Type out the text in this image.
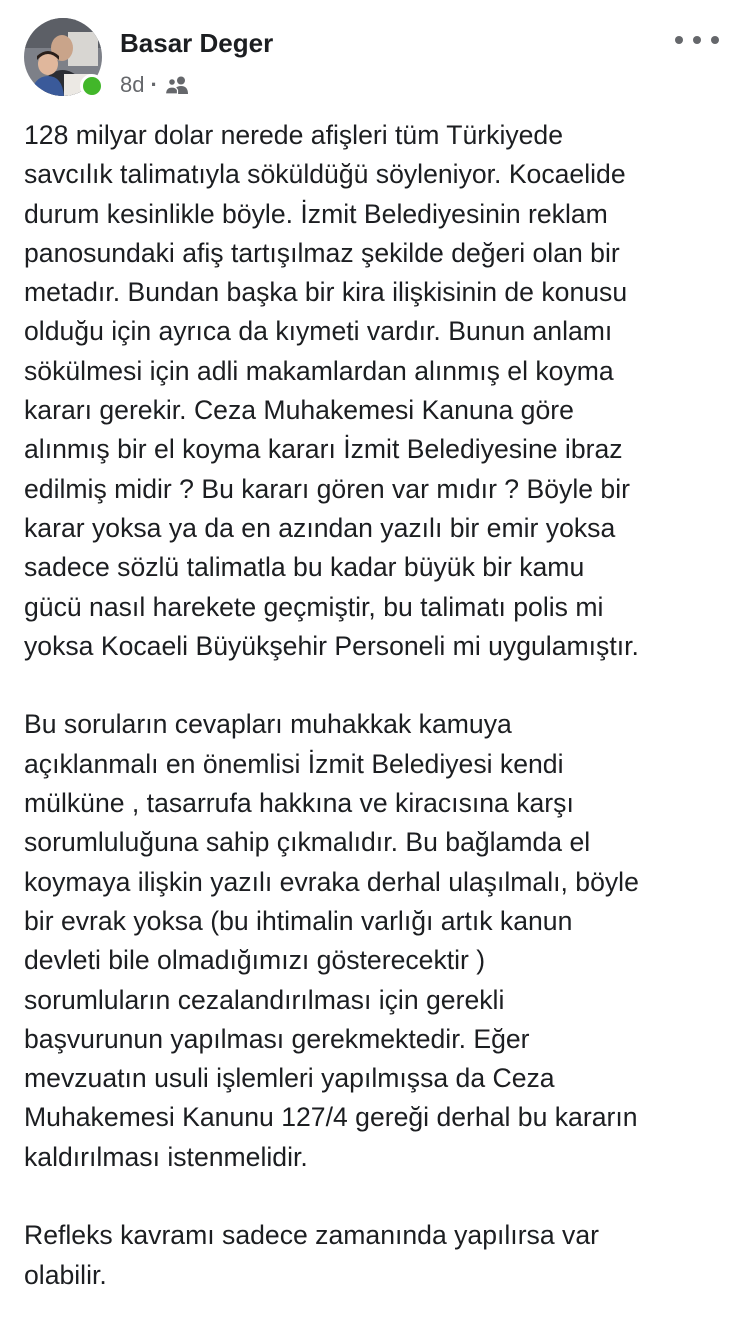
Basar Deger
8d ·

128 milyar dolar nerede afişleri tüm Türkiyede
savcılık talimatıyla söküldüğü söyleniyor. Kocaelide
durum kesinlikle böyle. İzmit Belediyesinin reklam
panosundaki afiş tartışılmaz şekilde değeri olan bir
metadır. Bundan başka bir kira ilişkisinin de konusu
olduğu için ayrıca da kıymeti vardır. Bunun anlamı
sökülmesi için adli makamlardan alınmış el koyma
kararı gerekir. Ceza Muhakemesi Kanuna göre
alınmış bir el koyma kararı İzmit Belediyesine ibraz
edilmiş midir ? Bu kararı gören var mıdır ? Böyle bir
karar yoksa ya da en azından yazılı bir emir yoksa
sadece sözlü talimatla bu kadar büyük bir kamu
gücü nasıl harekete geçmiştir, bu talimatı polis mi
yoksa Kocaeli Büyükşehir Personeli mi uygulamıştır.

Bu soruların cevapları muhakkak kamuya
açıklanmalı en önemlisi İzmit Belediyesi kendi
mülküne , tasarrufa hakkına ve kiracısına karşı
sorumluluğuna sahip çıkmalıdır. Bu bağlamda el
koymaya ilişkin yazılı evraka derhal ulaşılmalı, böyle
bir evrak yoksa (bu ihtimalin varlığı artık kanun
devleti bile olmadığımızı gösterecektir )
sorumluların cezalandırılması için gerekli
başvurunun yapılması gerekmektedir. Eğer
mevzuatın usuli işlemleri yapılmışsa da Ceza
Muhakemesi Kanunu 127/4 gereği derhal bu kararın
kaldırılması istenmelidir.

Refleks kavramı sadece zamanında yapılırsa var
olabilir.
